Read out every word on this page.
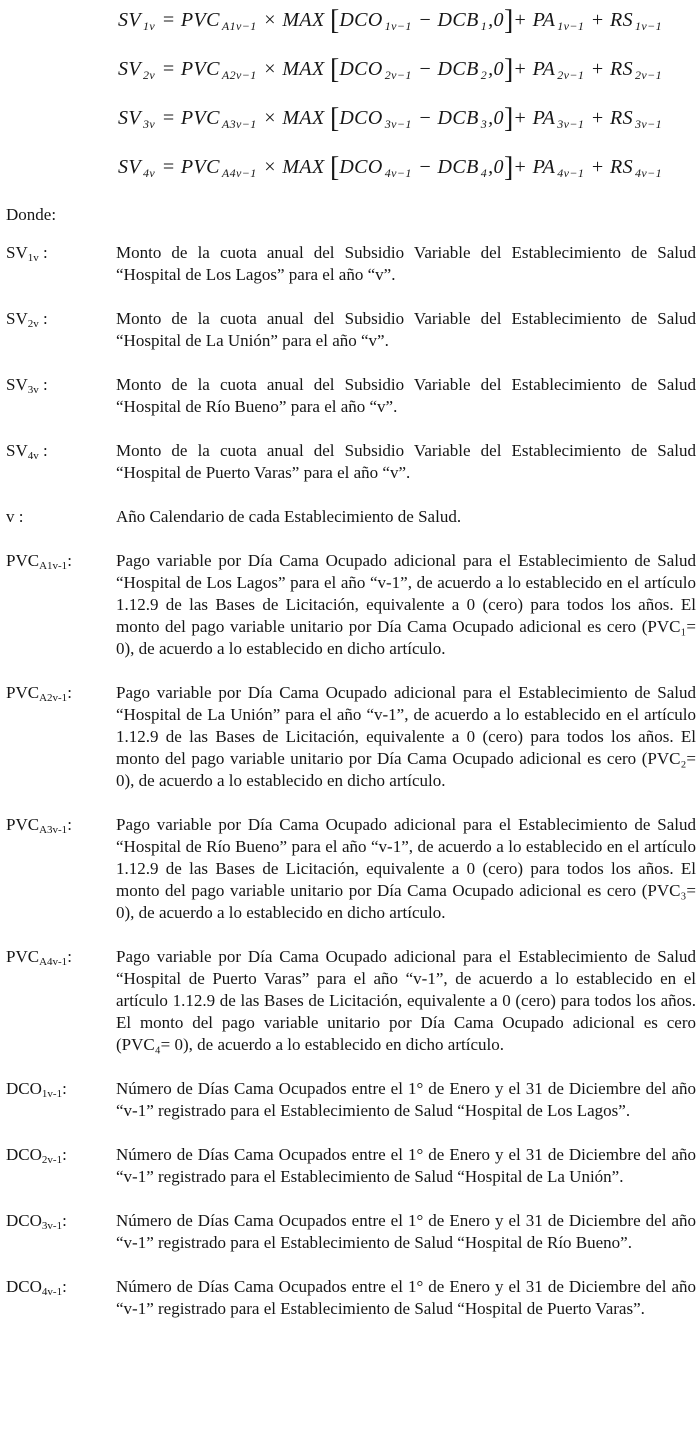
SV $_{1v}$ = PVC $_{A1v-1}$ × MAX [DCO $_{1v-1}$ − DCB $_1$,0]+ PA $_{1v-1}$ + RS $_{1v-1}$
SV $_{2v}$ = PVC $_{A2v-1}$ × MAX [DCO $_{2v-1}$ − DCB $_2$,0]+ PA $_{2v-1}$ + RS $_{2v-1}$
SV $_{3v}$ = PVC $_{A3v-1}$ × MAX [DCO $_{3v-1}$ − DCB $_3$,0]+ PA $_{3v-1}$ + RS $_{3v-1}$
SV $_{4v}$ = PVC $_{A4v-1}$ × MAX [DCO $_{4v-1}$ − DCB $_4$,0]+ PA $_{4v-1}$ + RS $_{4v-1}$
Donde:
$SV_{1v}$ :	Monto de la cuota anual del Subsidio Variable del Establecimiento de Salud “Hospital de Los Lagos” para el año “v”.

$SV_{2v}$ :	Monto de la cuota anual del Subsidio Variable del Establecimiento de Salud “Hospital de La Unión” para el año “v”.

$SV_{3v}$ :	Monto de la cuota anual del Subsidio Variable del Establecimiento de Salud “Hospital de Río Bueno” para el año “v”.

$SV_{4v}$ :	Monto de la cuota anual del Subsidio Variable del Establecimiento de Salud “Hospital de Puerto Varas” para el año “v”.

v :	Año Calendario de cada Establecimiento de Salud.

$PVC_{A1v-1}$:	Pago variable por Día Cama Ocupado adicional para el Establecimiento de Salud “Hospital de Los Lagos” para el año “v-1”, de acuerdo a lo establecido en el artículo 1.12.9 de las Bases de Licitación, equivalente a 0 (cero) para todos los años. El monto del pago variable unitario por Día Cama Ocupado adicional es cero (PVC₁= 0), de acuerdo a lo establecido en dicho artículo.

$PVC_{A2v-1}$:	Pago variable por Día Cama Ocupado adicional para el Establecimiento de Salud “Hospital de La Unión” para el año “v-1”, de acuerdo a lo establecido en el artículo 1.12.9 de las Bases de Licitación, equivalente a 0 (cero) para todos los años. El monto del pago variable unitario por Día Cama Ocupado adicional es cero (PVC₂= 0), de acuerdo a lo establecido en dicho artículo.

$PVC_{A3v-1}$:	Pago variable por Día Cama Ocupado adicional para el Establecimiento de Salud “Hospital de Río Bueno” para el año “v-1”, de acuerdo a lo establecido en el artículo 1.12.9 de las Bases de Licitación, equivalente a 0 (cero) para todos los años. El monto del pago variable unitario por Día Cama Ocupado adicional es cero (PVC₃= 0), de acuerdo a lo establecido en dicho artículo.

$PVC_{A4v-1}$:	Pago variable por Día Cama Ocupado adicional para el Establecimiento de Salud “Hospital de Puerto Varas” para el año “v-1”, de acuerdo a lo establecido en el artículo 1.12.9 de las Bases de Licitación, equivalente a 0 (cero) para todos los años. El monto del pago variable unitario por Día Cama Ocupado adicional es cero (PVC₄= 0), de acuerdo a lo establecido en dicho artículo.

$DCO_{1v-1}$:	Número de Días Cama Ocupados entre el 1° de Enero y el 31 de Diciembre del año “v-1” registrado para el Establecimiento de Salud “Hospital de Los Lagos”.

$DCO_{2v-1}$:	Número de Días Cama Ocupados entre el 1° de Enero y el 31 de Diciembre del año “v-1” registrado para el Establecimiento de Salud “Hospital de La Unión”.

$DCO_{3v-1}$:	Número de Días Cama Ocupados entre el 1° de Enero y el 31 de Diciembre del año “v-1” registrado para el Establecimiento de Salud “Hospital de Río Bueno”.

$DCO_{4v-1}$:	Número de Días Cama Ocupados entre el 1° de Enero y el 31 de Diciembre del año “v-1” registrado para el Establecimiento de Salud “Hospital de Puerto Varas”.
